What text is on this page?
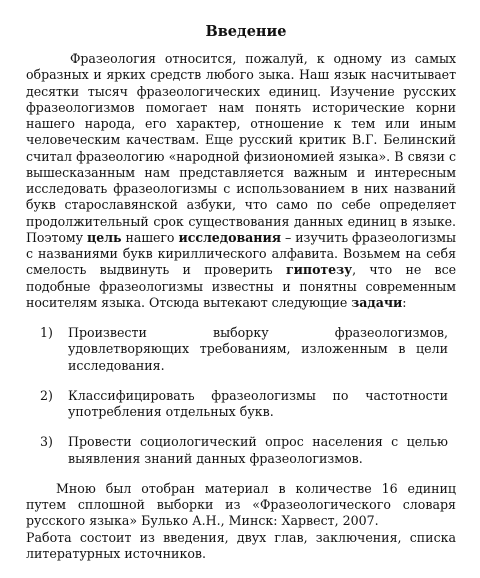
Введение

Фразеология относится, пожалуй, к одному из самых образных и ярких средств любого зыка. Наш язык насчитывает десятки тысяч фразеологических единиц. Изучение русских фразеологизмов помогает нам понять исторические корни нашего народа, его характер, отношение к тем или иным человеческим качествам. Еще русский критик В.Г. Белинский считал фразеологию «народной физиономией языка». В связи с вышесказанным нам представляется важным и интересным исследовать фразеологизмы с использованием в них названий букв старославянской азбуки, что само по себе определяет продолжительный срок существования данных единиц в языке. Поэтому цель нашего исследования – изучить фразеологизмы с названиями букв кириллического алфавита. Возьмем на себя смелость выдвинуть и проверить гипотезу, что не все подобные фразеологизмы известны и понятны современным носителям языка. Отсюда вытекают следующие задачи:

1) Произвести выборку фразеологизмов, удовлетворяющих требованиям, изложенным в цели исследования.
2) Классифицировать фразеологизмы по частотности употребления отдельных букв.
3) Провести социологический опрос населения с целью выявления знаний данных фразеологизмов.

Мною был отобран материал в количестве 16 единиц путем сплошной выборки из «Фразеологического словаря русского языка» Булько А.Н., Минск: Харвест, 2007.

Работа состоит из введения, двух глав, заключения, списка литературных источников.
